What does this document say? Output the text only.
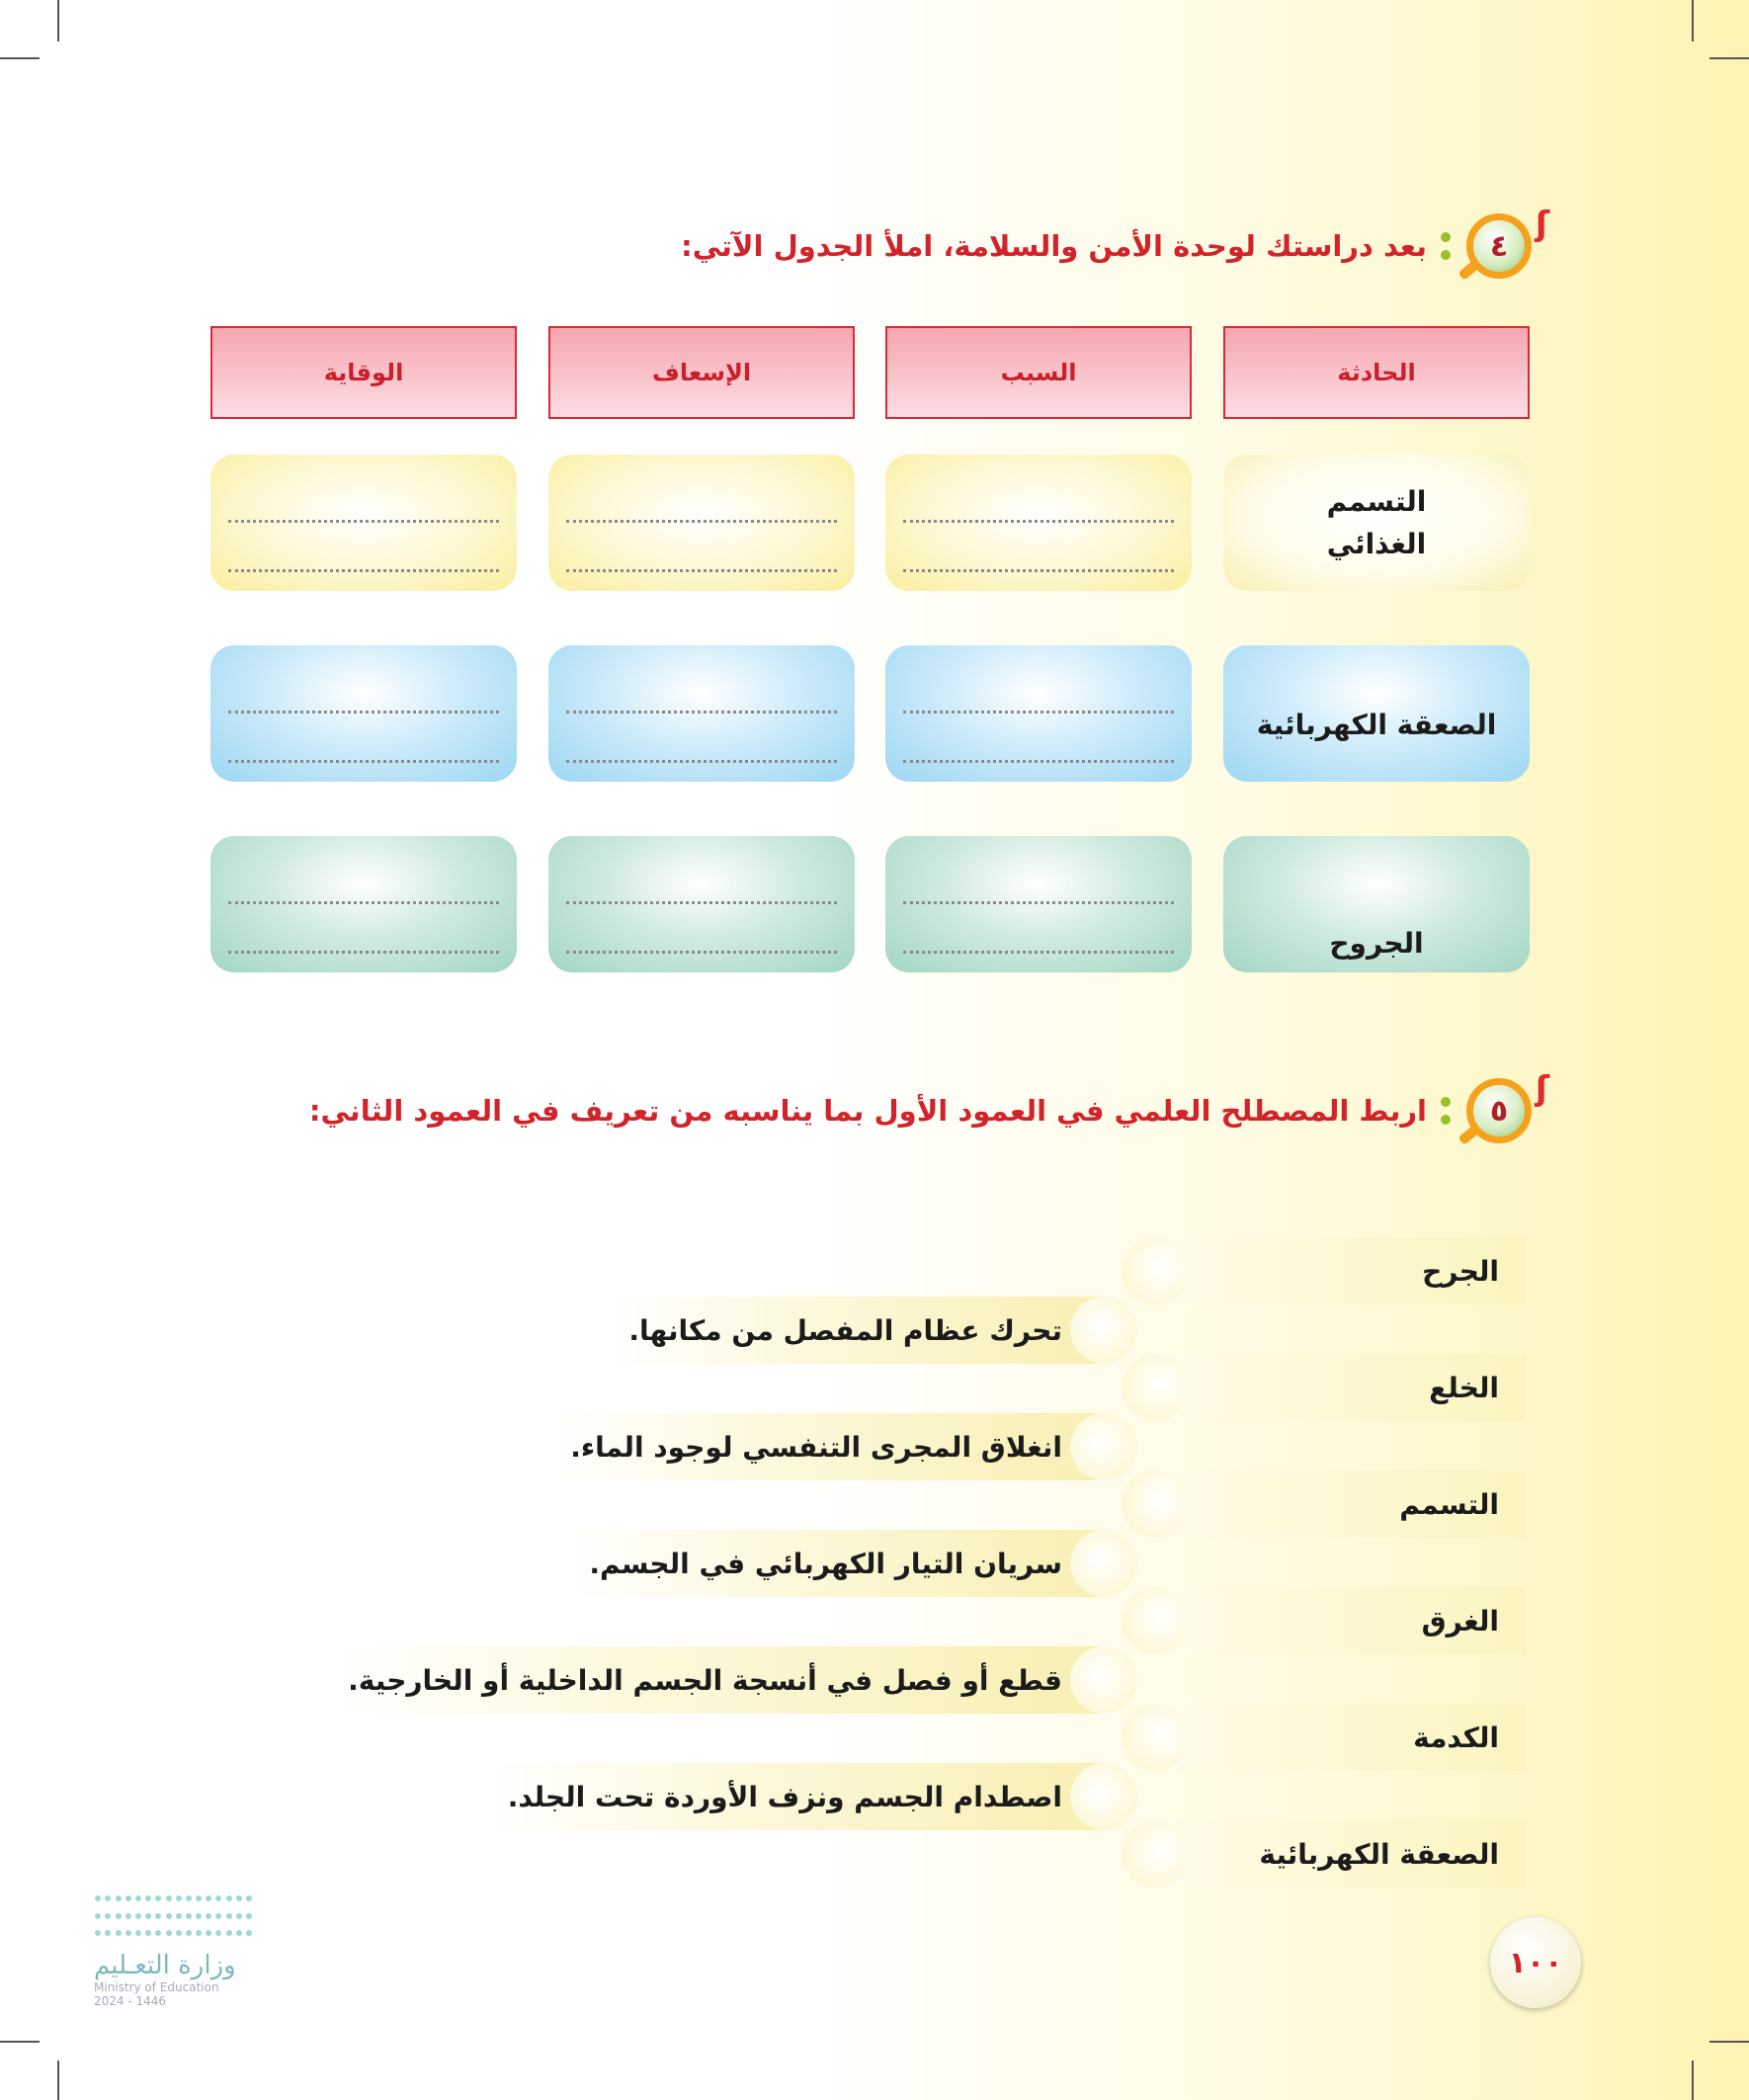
٤
ʃ
بعد دراستك لوحدة الأمن والسلامة، املأ الجدول الآتي:
الحادثة
السبب
الإسعاف
الوقاية
التسمم الغذائي
الصعقة الكهربائية
الجروح
٥
ʃ
اربط المصطلح العلمي في العمود الأول بما يناسبه من تعريف في العمود الثاني:
الجرح
الخلع
التسمم
الغرق
الكدمة
الصعقة الكهربائية
تحرك عظام المفصل من مكانها.
انغلاق المجرى التنفسي لوجود الماء.
سريان التيار الكهربائي في الجسم.
قطع أو فصل في أنسجة الجسم الداخلية أو الخارجية.
اصطدام الجسم ونزف الأوردة تحت الجلد.
١٠٠
وزارة التعـليم
Ministry of Education
2024 - 1446
